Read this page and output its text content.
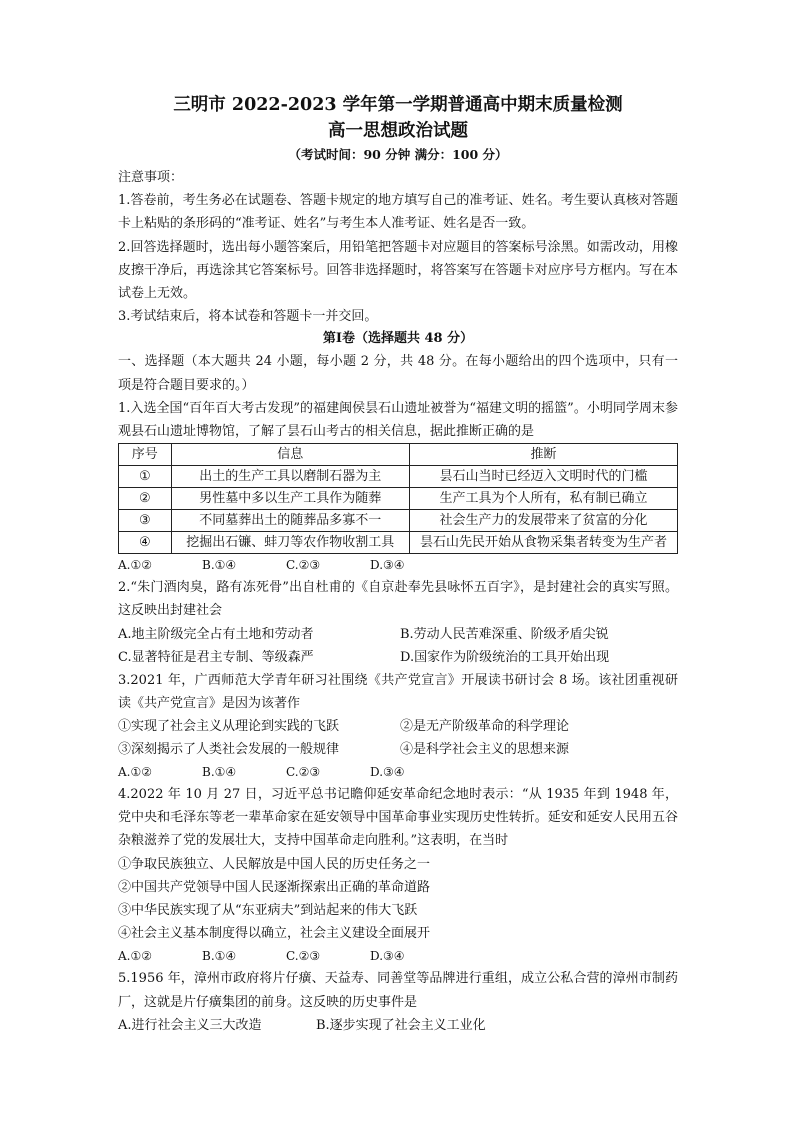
三明市 2022-2023 学年第一学期普通高中期末质量检测

高一思想政治试题

（考试时间：90 分钟 满分：100 分）

注意事项：

1.答卷前，考生务必在试题卷、答题卡规定的地方填写自己的准考证、姓名。考生要认真核对答题卡上粘贴的条形码的“准考证、姓名”与考生本人准考证、姓名是否一致。

2.回答选择题时，选出每小题答案后，用铅笔把答题卡对应题目的答案标号涂黑。如需改动，用橡皮擦干净后，再选涂其它答案标号。回答非选择题时，将答案写在答题卡对应序号方框内。写在本试卷上无效。

3.考试结束后，将本试卷和答题卡一并交回。

第Ⅰ卷（选择题共 48 分）

一、选择题（本大题共 24 小题，每小题 2 分，共 48 分。在每小题给出的四个选项中，只有一项是符合题目要求的。）

1.入选全国“百年百大考古发现”的福建闽侯昙石山遗址被誉为“福建文明的摇篮”。小明同学周末参观县石山遗址博物馆，了解了昙石山考古的相关信息，据此推断正确的是

序号	信息	推断
①	出土的生产工具以磨制石器为主	昙石山当时已经迈入文明时代的门槛
②	男性墓中多以生产工具作为随葬	生产工具为个人所有，私有制已确立
③	不同墓葬出土的随葬品多寡不一	社会生产力的发展带来了贫富的分化
④	挖掘出石镰、蚌刀等农作物收割工具	昙石山先民开始从食物采集者转变为生产者
A.①②	B.①④	C.②③	D.③④

2.“朱门酒肉臭，路有冻死骨”出自杜甫的《自京赴奉先县咏怀五百字》，是封建社会的真实写照。这反映出封建社会

A.地主阶级完全占有土地和劳动者	B.劳动人民苦难深重、阶级矛盾尖锐
C.显著特征是君主专制、等级森严	D.国家作为阶级统治的工具开始出现

3.2021 年，广西师范大学青年研习社围绕《共产党宣言》开展读书研讨会 8 场。该社团重视研读《共产党宣言》是因为该著作

①实现了社会主义从理论到实践的飞跃	②是无产阶级革命的科学理论
③深刻揭示了人类社会发展的一般规律	④是科学社会主义的思想来源
A.①②	B.①④	C.②③	D.③④

4.2022 年 10 月 27 日，习近平总书记瞻仰延安革命纪念地时表示：“从 1935 年到 1948 年，党中央和毛泽东等老一辈革命家在延安领导中国革命事业实现历史性转折。延安和延安人民用五谷杂粮滋养了党的发展壮大，支持中国革命走向胜利。”这表明，在当时

①争取民族独立、人民解放是中国人民的历史任务之一

②中国共产党领导中国人民逐渐探索出正确的革命道路

③中华民族实现了从“东亚病夫”到站起来的伟大飞跃

④社会主义基本制度得以确立，社会主义建设全面展开

A.①②	B.①④	C.②③	D.③④

5.1956 年，漳州市政府将片仔癀、天益寿、同善堂等品牌进行重组，成立公私合营的漳州市制药厂，这就是片仔癀集团的前身。这反映的历史事件是

A.进行社会主义三大改造	B.逐步实现了社会主义工业化
